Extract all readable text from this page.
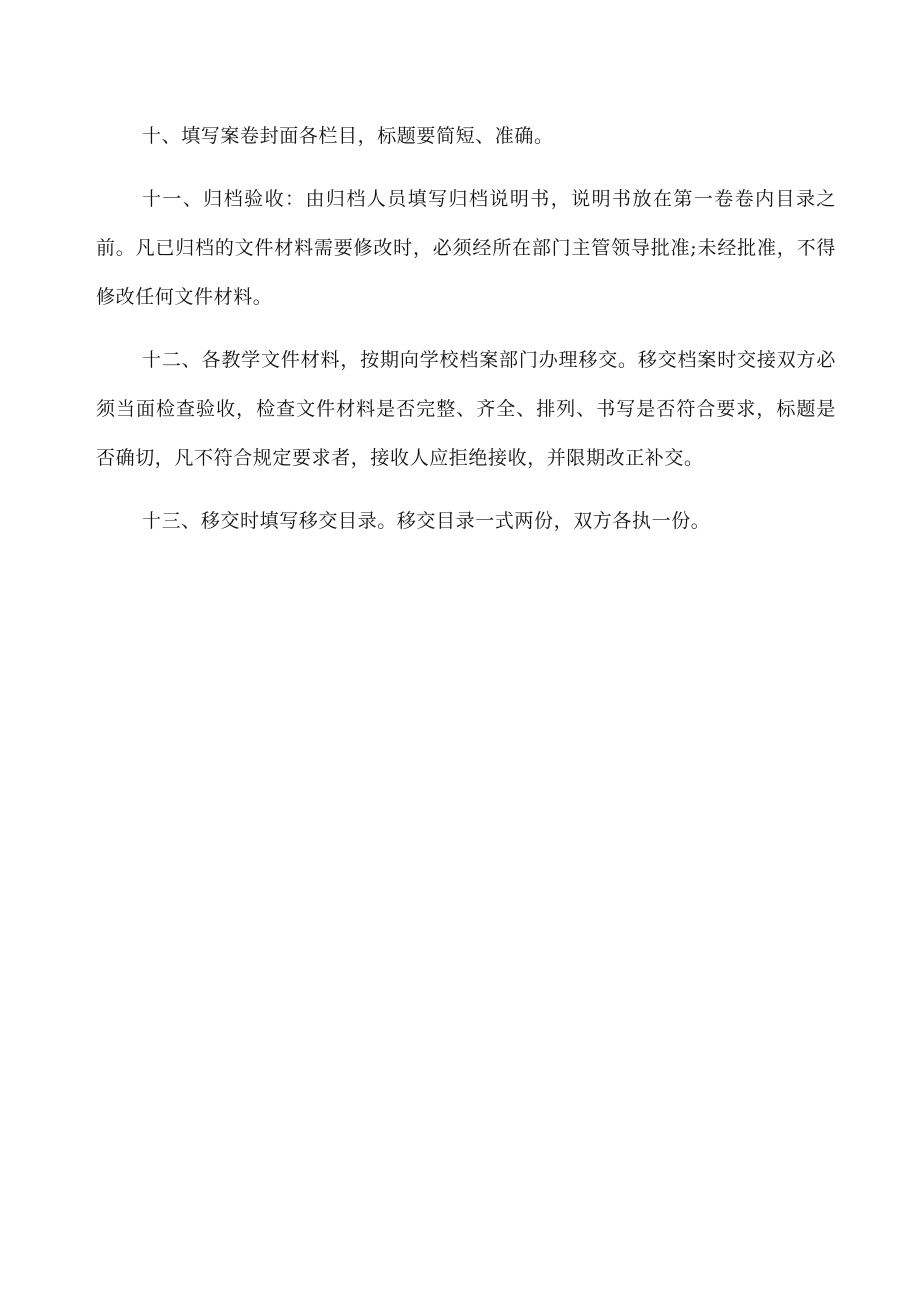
十、填写案卷封面各栏目，标题要简短、准确。

十一、归档验收：由归档人员填写归档说明书，说明书放在第一卷卷内目录之前。凡已归档的文件材料需要修改时，必须经所在部门主管领导批准;未经批准，不得修改任何文件材料。

十二、各教学文件材料，按期向学校档案部门办理移交。移交档案时交接双方必须当面检查验收，检查文件材料是否完整、齐全、排列、书写是否符合要求，标题是否确切，凡不符合规定要求者，接收人应拒绝接收，并限期改正补交。

十三、移交时填写移交目录。移交目录一式两份，双方各执一份。
